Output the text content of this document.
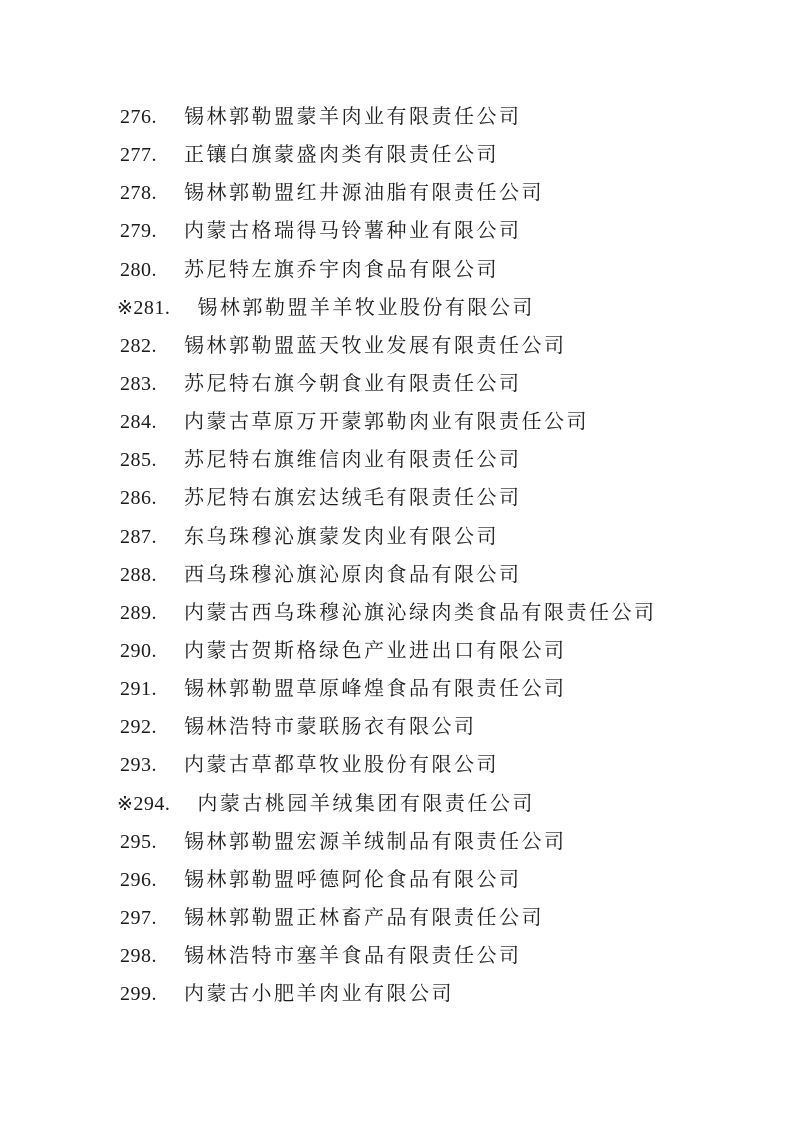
276. 锡林郭勒盟蒙羊肉业有限责任公司
277. 正镶白旗蒙盛肉类有限责任公司
278. 锡林郭勒盟红井源油脂有限责任公司
279. 内蒙古格瑞得马铃薯种业有限公司
280. 苏尼特左旗乔宇肉食品有限公司
※281. 锡林郭勒盟羊羊牧业股份有限公司
282. 锡林郭勒盟蓝天牧业发展有限责任公司
283. 苏尼特右旗今朝食业有限责任公司
284. 内蒙古草原万开蒙郭勒肉业有限责任公司
285. 苏尼特右旗维信肉业有限责任公司
286. 苏尼特右旗宏达绒毛有限责任公司
287. 东乌珠穆沁旗蒙发肉业有限公司
288. 西乌珠穆沁旗沁原肉食品有限公司
289. 内蒙古西乌珠穆沁旗沁绿肉类食品有限责任公司
290. 内蒙古贺斯格绿色产业进出口有限公司
291. 锡林郭勒盟草原峰煌食品有限责任公司
292. 锡林浩特市蒙联肠衣有限公司
293. 内蒙古草都草牧业股份有限公司
※294. 内蒙古桃园羊绒集团有限责任公司
295. 锡林郭勒盟宏源羊绒制品有限责任公司
296. 锡林郭勒盟呼德阿伦食品有限公司
297. 锡林郭勒盟正林畜产品有限责任公司
298. 锡林浩特市塞羊食品有限责任公司
299. 内蒙古小肥羊肉业有限公司
